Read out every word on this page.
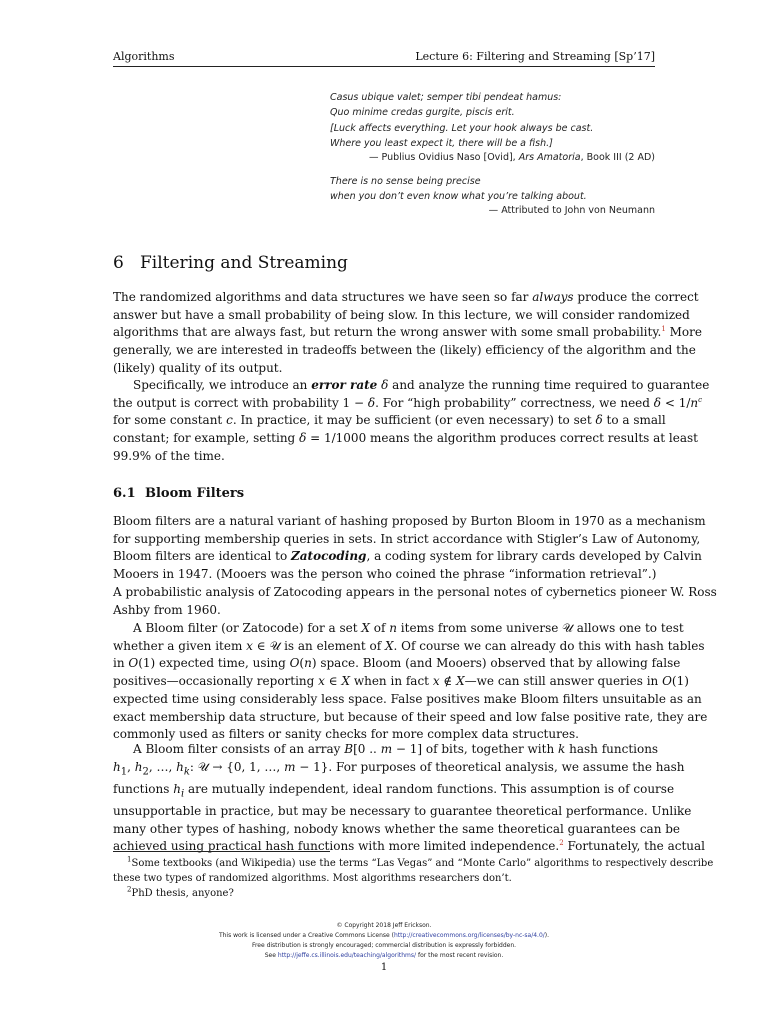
Algorithms	Lecture 6: Filtering and Streaming [Sp’17]
Casus ubique valet; semper tibi pendeat hamus:
Quo minime credas gurgite, piscis erit.
[Luck affects everything. Let your hook always be cast.
Where you least expect it, there will be a fish.]
— Publius Ovidius Naso [Ovid], Ars Amatoria, Book III (2 AD)
There is no sense being precise
when you don’t even know what you’re talking about.
— Attributed to John von Neumann
6 Filtering and Streaming
The randomized algorithms and data structures we have seen so far always produce the correct
answer but have a small probability of being slow. In this lecture, we will consider randomized
algorithms that are always fast, but return the wrong answer with some small probability.$^1$ More
generally, we are interested in tradeoffs between the (likely) efficiency of the algorithm and the
(likely) quality of its output.
Specifically, we introduce an error rate δ and analyze the running time required to guarantee
the output is correct with probability 1 − δ. For “high probability” correctness, we need $\delta < 1/n^c$
for some constant c. In practice, it may be sufficient (or even necessary) to set δ to a small
constant; for example, setting δ = 1/1000 means the algorithm produces correct results at least
99.9% of the time.
6.1 Bloom Filters
Bloom filters are a natural variant of hashing proposed by Burton Bloom in 1970 as a mechanism
for supporting membership queries in sets. In strict accordance with Stigler’s Law of Autonomy,
Bloom filters are identical to Zatocoding, a coding system for library cards developed by Calvin
Mooers in 1947. (Mooers was the person who coined the phrase “information retrieval”.)
A probabilistic analysis of Zatocoding appears in the personal notes of cybernetics pioneer W. Ross
Ashby from 1960.
A Bloom filter (or Zatocode) for a set X of n items from some universe 𝒰 allows one to test
whether a given item x ∈ 𝒰 is an element of X. Of course we can already do this with hash tables
in O(1) expected time, using O(n) space. Bloom (and Mooers) observed that by allowing false
positives—occasionally reporting x ∈ X when in fact x ∉ X—we can still answer queries in O(1)
expected time using considerably less space. False positives make Bloom filters unsuitable as an
exact membership data structure, but because of their speed and low false positive rate, they are
commonly used as filters or sanity checks for more complex data structures.
A Bloom filter consists of an array B[0 .. m − 1] of bits, together with k hash functions
$h_1$, $h_2$, …, $h_k$: 𝒰 → {0, 1, …, m − 1}. For purposes of theoretical analysis, we assume the hash
functions $h_i$ are mutually independent, ideal random functions. This assumption is of course
unsupportable in practice, but may be necessary to guarantee theoretical performance. Unlike
many other types of hashing, nobody knows whether the same theoretical guarantees can be
achieved using practical hash functions with more limited independence.$^2$ Fortunately, the actual
$^1$Some textbooks (and Wikipedia) use the terms “Las Vegas” and “Monte Carlo” algorithms to respectively describe
these two types of randomized algorithms. Most algorithms researchers don’t.
$^2$PhD thesis, anyone?
© Copyright 2018 Jeff Erickson.
This work is licensed under a Creative Commons License (http://creativecommons.org/licenses/by-nc-sa/4.0/).
Free distribution is strongly encouraged; commercial distribution is expressly forbidden.
See http://jeffe.cs.illinois.edu/teaching/algorithms/ for the most recent revision.
1
